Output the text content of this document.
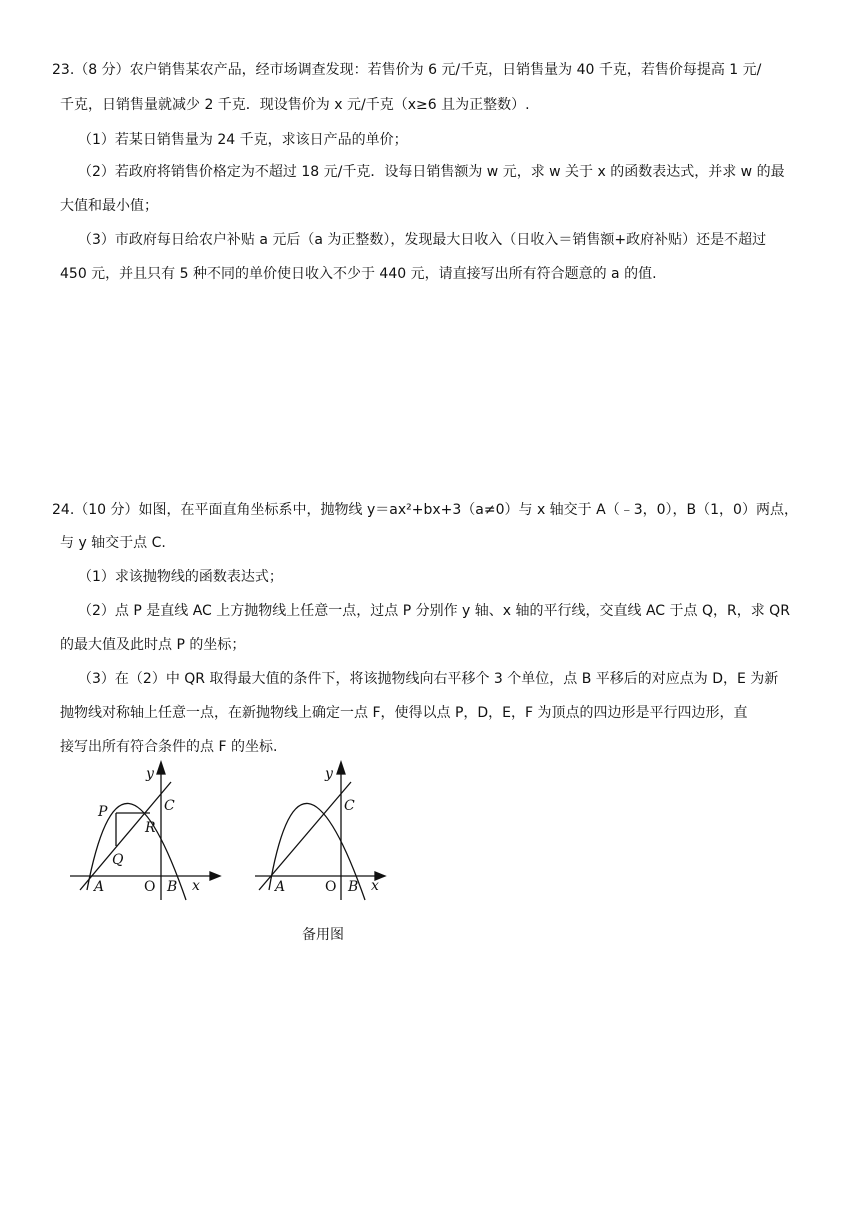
23.（8 分）农户销售某农产品，经市场调查发现：若售价为 6 元/千克，日销售量为 40 千克，若售价每提高 1 元/
千克，日销售量就减少 2 千克．现设售价为 x 元/千克（x≥6 且为正整数）.
（1）若某日销售量为 24 千克，求该日产品的单价；
（2）若政府将销售价格定为不超过 18 元/千克．设每日销售额为 w 元，求 w 关于 x 的函数表达式，并求 w 的最
大值和最小值；
（3）市政府每日给农户补贴 a 元后（a 为正整数），发现最大日收入（日收入＝销售额+政府补贴）还是不超过
450 元，并且只有 5 种不同的单价使日收入不少于 440 元，请直接写出所有符合题意的 a 的值.
24.（10 分）如图，在平面直角坐标系中，抛物线 y＝ax²+bx+3（a≠0）与 x 轴交于 A（﹣3，0），B（1，0）两点，
与 y 轴交于点 C.
（1）求该抛物线的函数表达式；
（2）点 P 是直线 AC 上方抛物线上任意一点，过点 P 分别作 y 轴、x 轴的平行线，交直线 AC 于点 Q，R，求 QR
的最大值及此时点 P 的坐标；
（3）在（2）中 QR 取得最大值的条件下，将该抛物线向右平移个 3 个单位，点 B 平移后的对应点为 D，E 为新
抛物线对称轴上任意一点，在新抛物线上确定一点 F，使得以点 P，D，E，F 为顶点的四边形是平行四边形，直
接写出所有符合条件的点 F 的坐标.
y
x
P	C
R
Q
A	O B
y
x
C
A	O B
备用图
